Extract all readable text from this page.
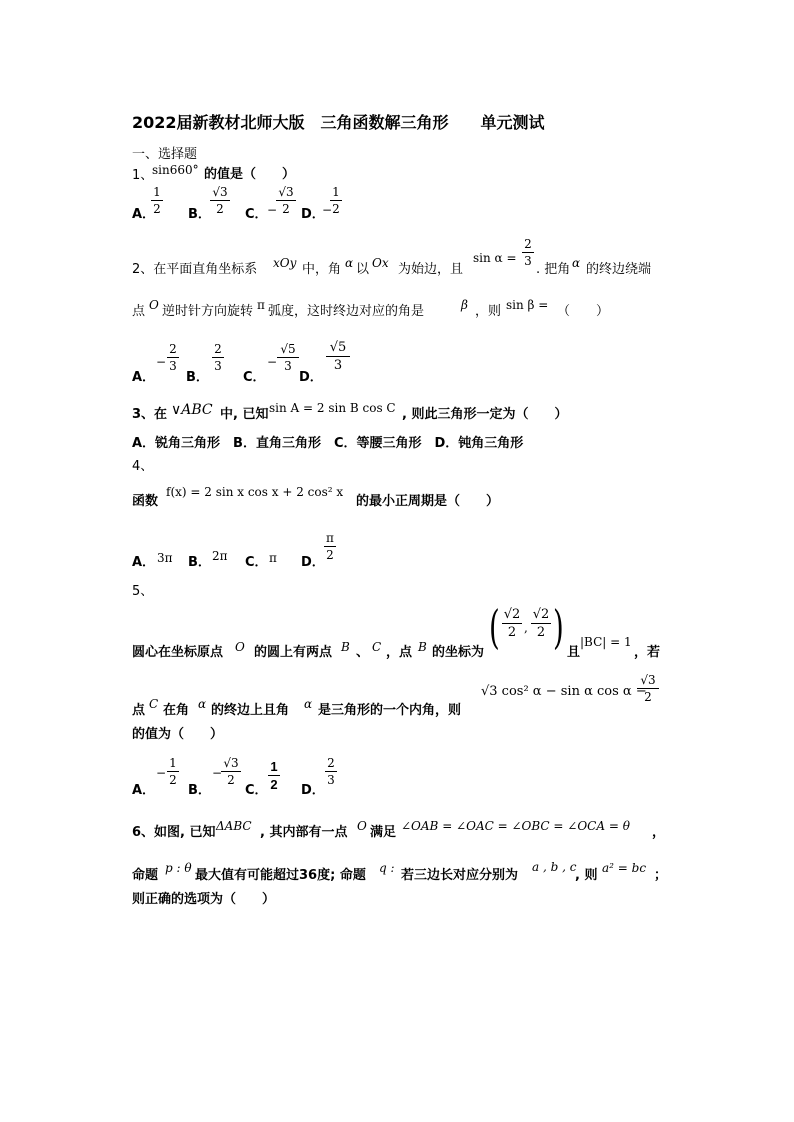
2022届新教材北师大版　三角函数解三角形　　单元测试
一、选择题
1、
sin660° 的值是（　　）
A．
1
2 B．
√3
2	C． −
√3
2 D．
−
1
2
2、在平面直角坐标系 xOy 中，角 α 以 Ox 为始边，且
sin α =
2
3
. 把角 α 的终边绕端
点 O 逆时针方向旋转 π 弧度，这时终边对应的角是	β ，则 sin β = （　　）
A．
−
2
3
B．
2
3
C．
−
√5
3
D．
√5
3
3、在 ∨ABC 中, 已知 sin A = 2 sin B cos C , 则此三角形一定为（　　）
A．锐角三角形　B．直角三角形　C．等腰三角形　D．钝角三角形
4、
函数
f(x) = 2 sin x cos x + 2 cos² x
的最小正周期是（　　）
A． 3π B． 2π C． π D．
π
2
5、
圆心在坐标原点 O 的圆上有两点 B 、 C ，点 B 的坐标为 ( √2
2 ,
√2
2 ) 且
|BC| = 1
，若
点 C 在角 α 的终边上且角 α 是三角形的一个内角，则
√3 cos² α − sin α cos α −
√3
2
的值为（　　）
A．
−
1
2
B．
−
√3
2
C．
1
2 D．
2
3
6、如图, 已知 ΔABC , 其内部有一点 O 满足 ∠OAB = ∠OAC = ∠OBC = ∠OCA = θ ，
命题 p : θ 最大值有可能超过36度; 命题 q : 若三边长对应分别为
a , b , c
, 则 a² = bc ；
则正确的选项为（　　）
